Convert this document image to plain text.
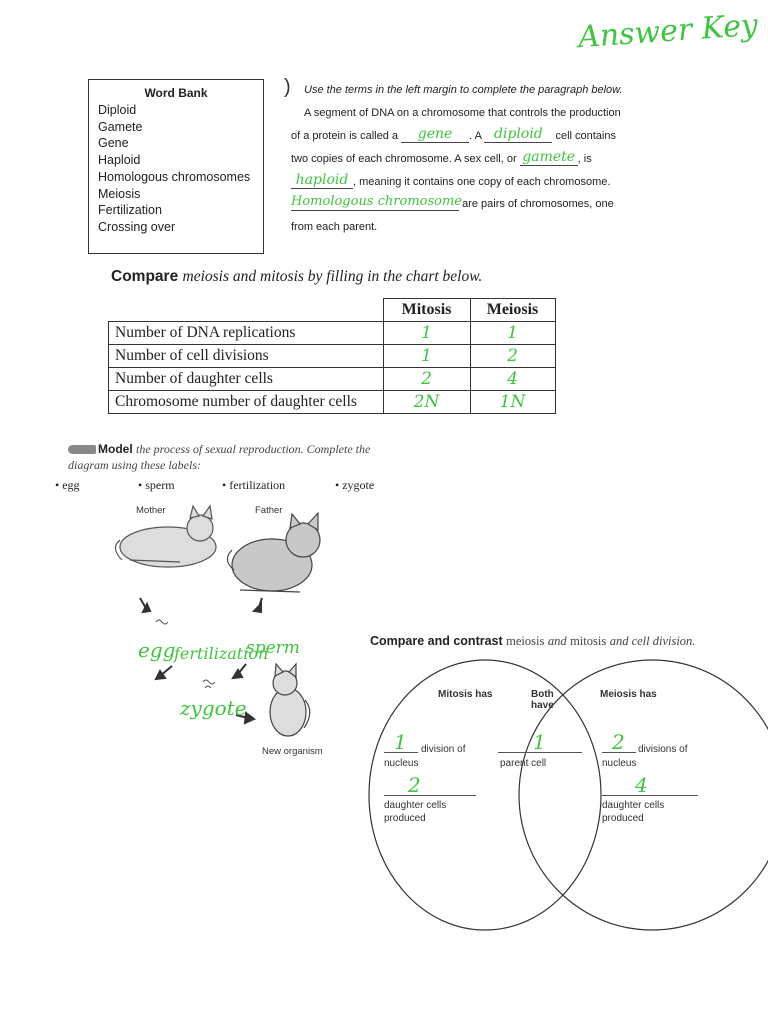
Answer Key
Word Bank
Diploid
Gamete
Gene
Haploid
Homologous chromosomes
Meiosis
Fertilization
Crossing over
) Use the terms in the left margin to complete the paragraph below.
A segment of DNA on a chromosome that controls the production
of a protein is called a	gene	. A diploid	cell contains
two copies of each chromosome. A sex cell, or gamete , is

haploid , meaning it contains one copy of each chromosome.

Homologous chromosome are pairs of chromosomes, one
from each parent.
Compare meiosis and mitosis by filling in the chart below.
	Mitosis	Meiosis
Number of DNA replications	1	1
Number of cell divisions	1	2
Number of daughter cells	2	4
Chromosome number of daughter cells	2N	1N
Model the process of sexual reproduction. Complete the
diagram using these labels:
• egg	• sperm	• fertilization	• zygote
Mother	Father
egg
fertilization
sperm
zygote
New organism
Compare and contrast meiosis and mitosis and cell division.
Mitosis has	Both
have
Meiosis has
1 division of
nucleus
1
parent cell
2 divisions of
nucleus
2
daughter cells
produced
4
daughter cells
produced
